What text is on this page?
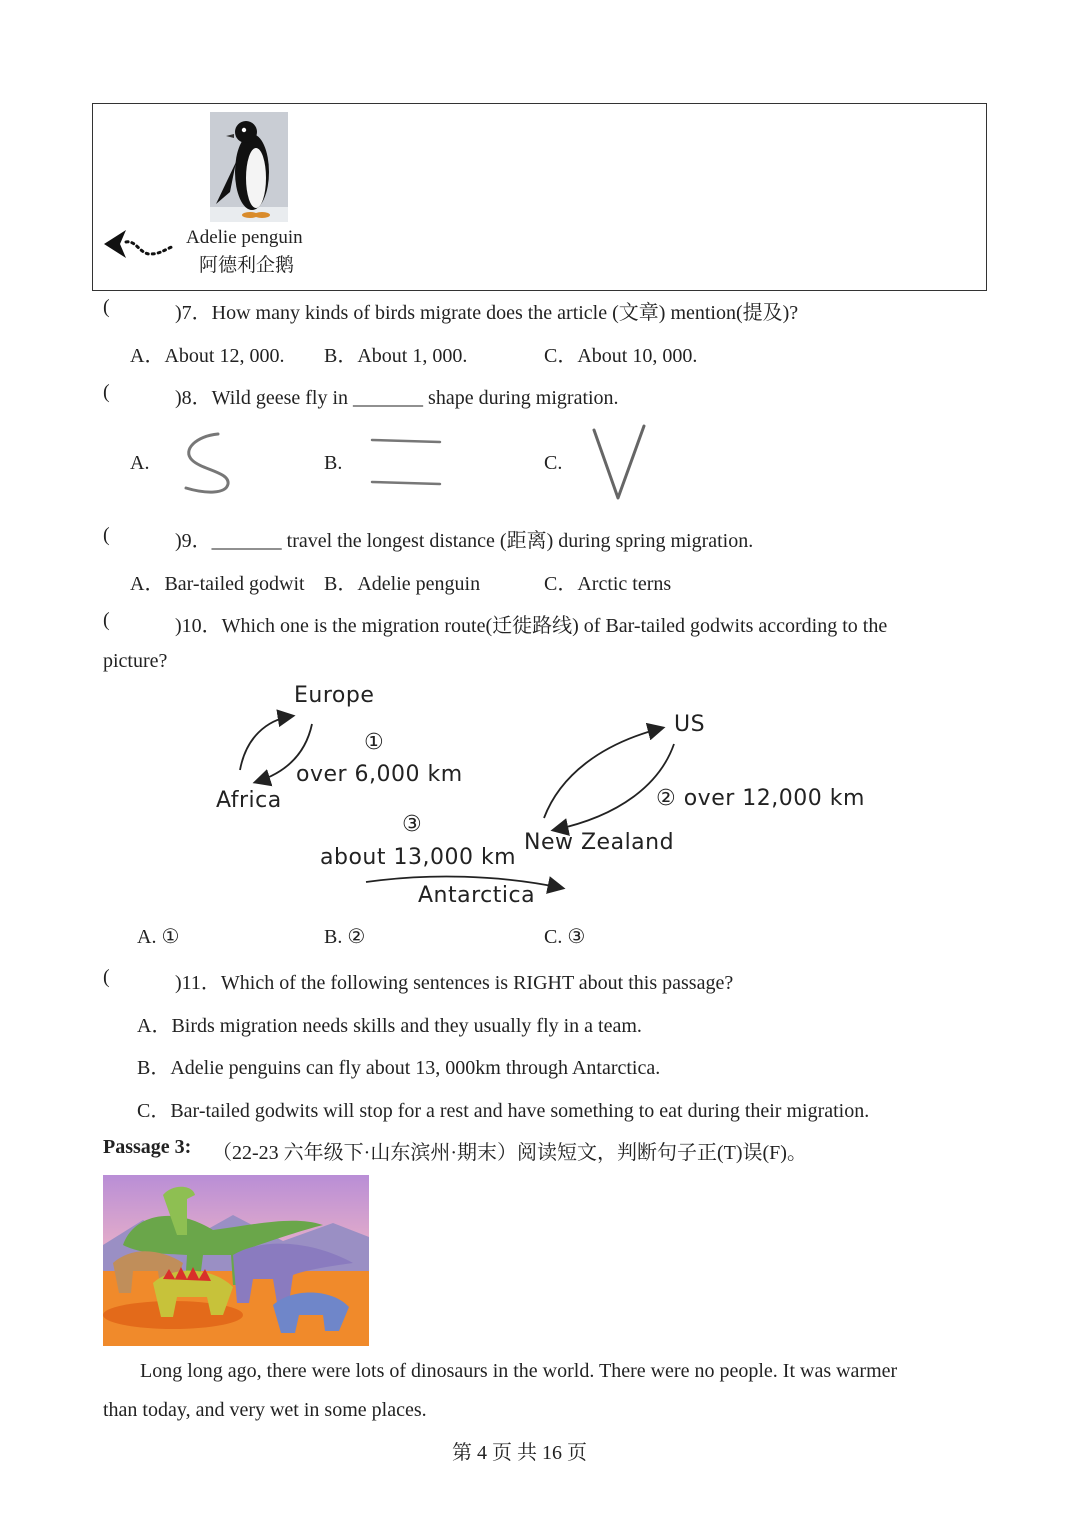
Adelie penguin
阿德利企鹅
(	)7．How many kinds of birds migrate does the article (文章) mention(提及)?
A．About 12, 000. B．About 1, 000.	C．About 10, 000.
(	)8．Wild geese fly in _______ shape during migration.
A.	B.	C.
(	)9．_______ travel the longest distance (距离) during spring migration.
A．Bar-tailed godwit B．Adelie penguin	C．Arctic terns
(	)10．Which one is the migration route(迁徙路线) of Bar-tailed godwits according to the
picture?
Europe
Africa
①
over 6,000 km
US
② over 12,000 km
New Zealand
③
about 13,000 km
Antarctica
A. ①	B. ②	C. ③
(	)11．Which of the following sentences is RIGHT about this passage?
A．Birds migration needs skills and they usually fly in a team.
B．Adelie penguins can fly about 13, 000km through Antarctica.
C．Bar-tailed godwits will stop for a rest and have something to eat during their migration.
Passage 3: （22-23 六年级下·山东滨州·期末）阅读短文，判断句子正(T)误(F)。
Long long ago, there were lots of dinosaurs in the world. There were no people. It was warmer
than today, and very wet in some places.
第 4 页 共 16 页
